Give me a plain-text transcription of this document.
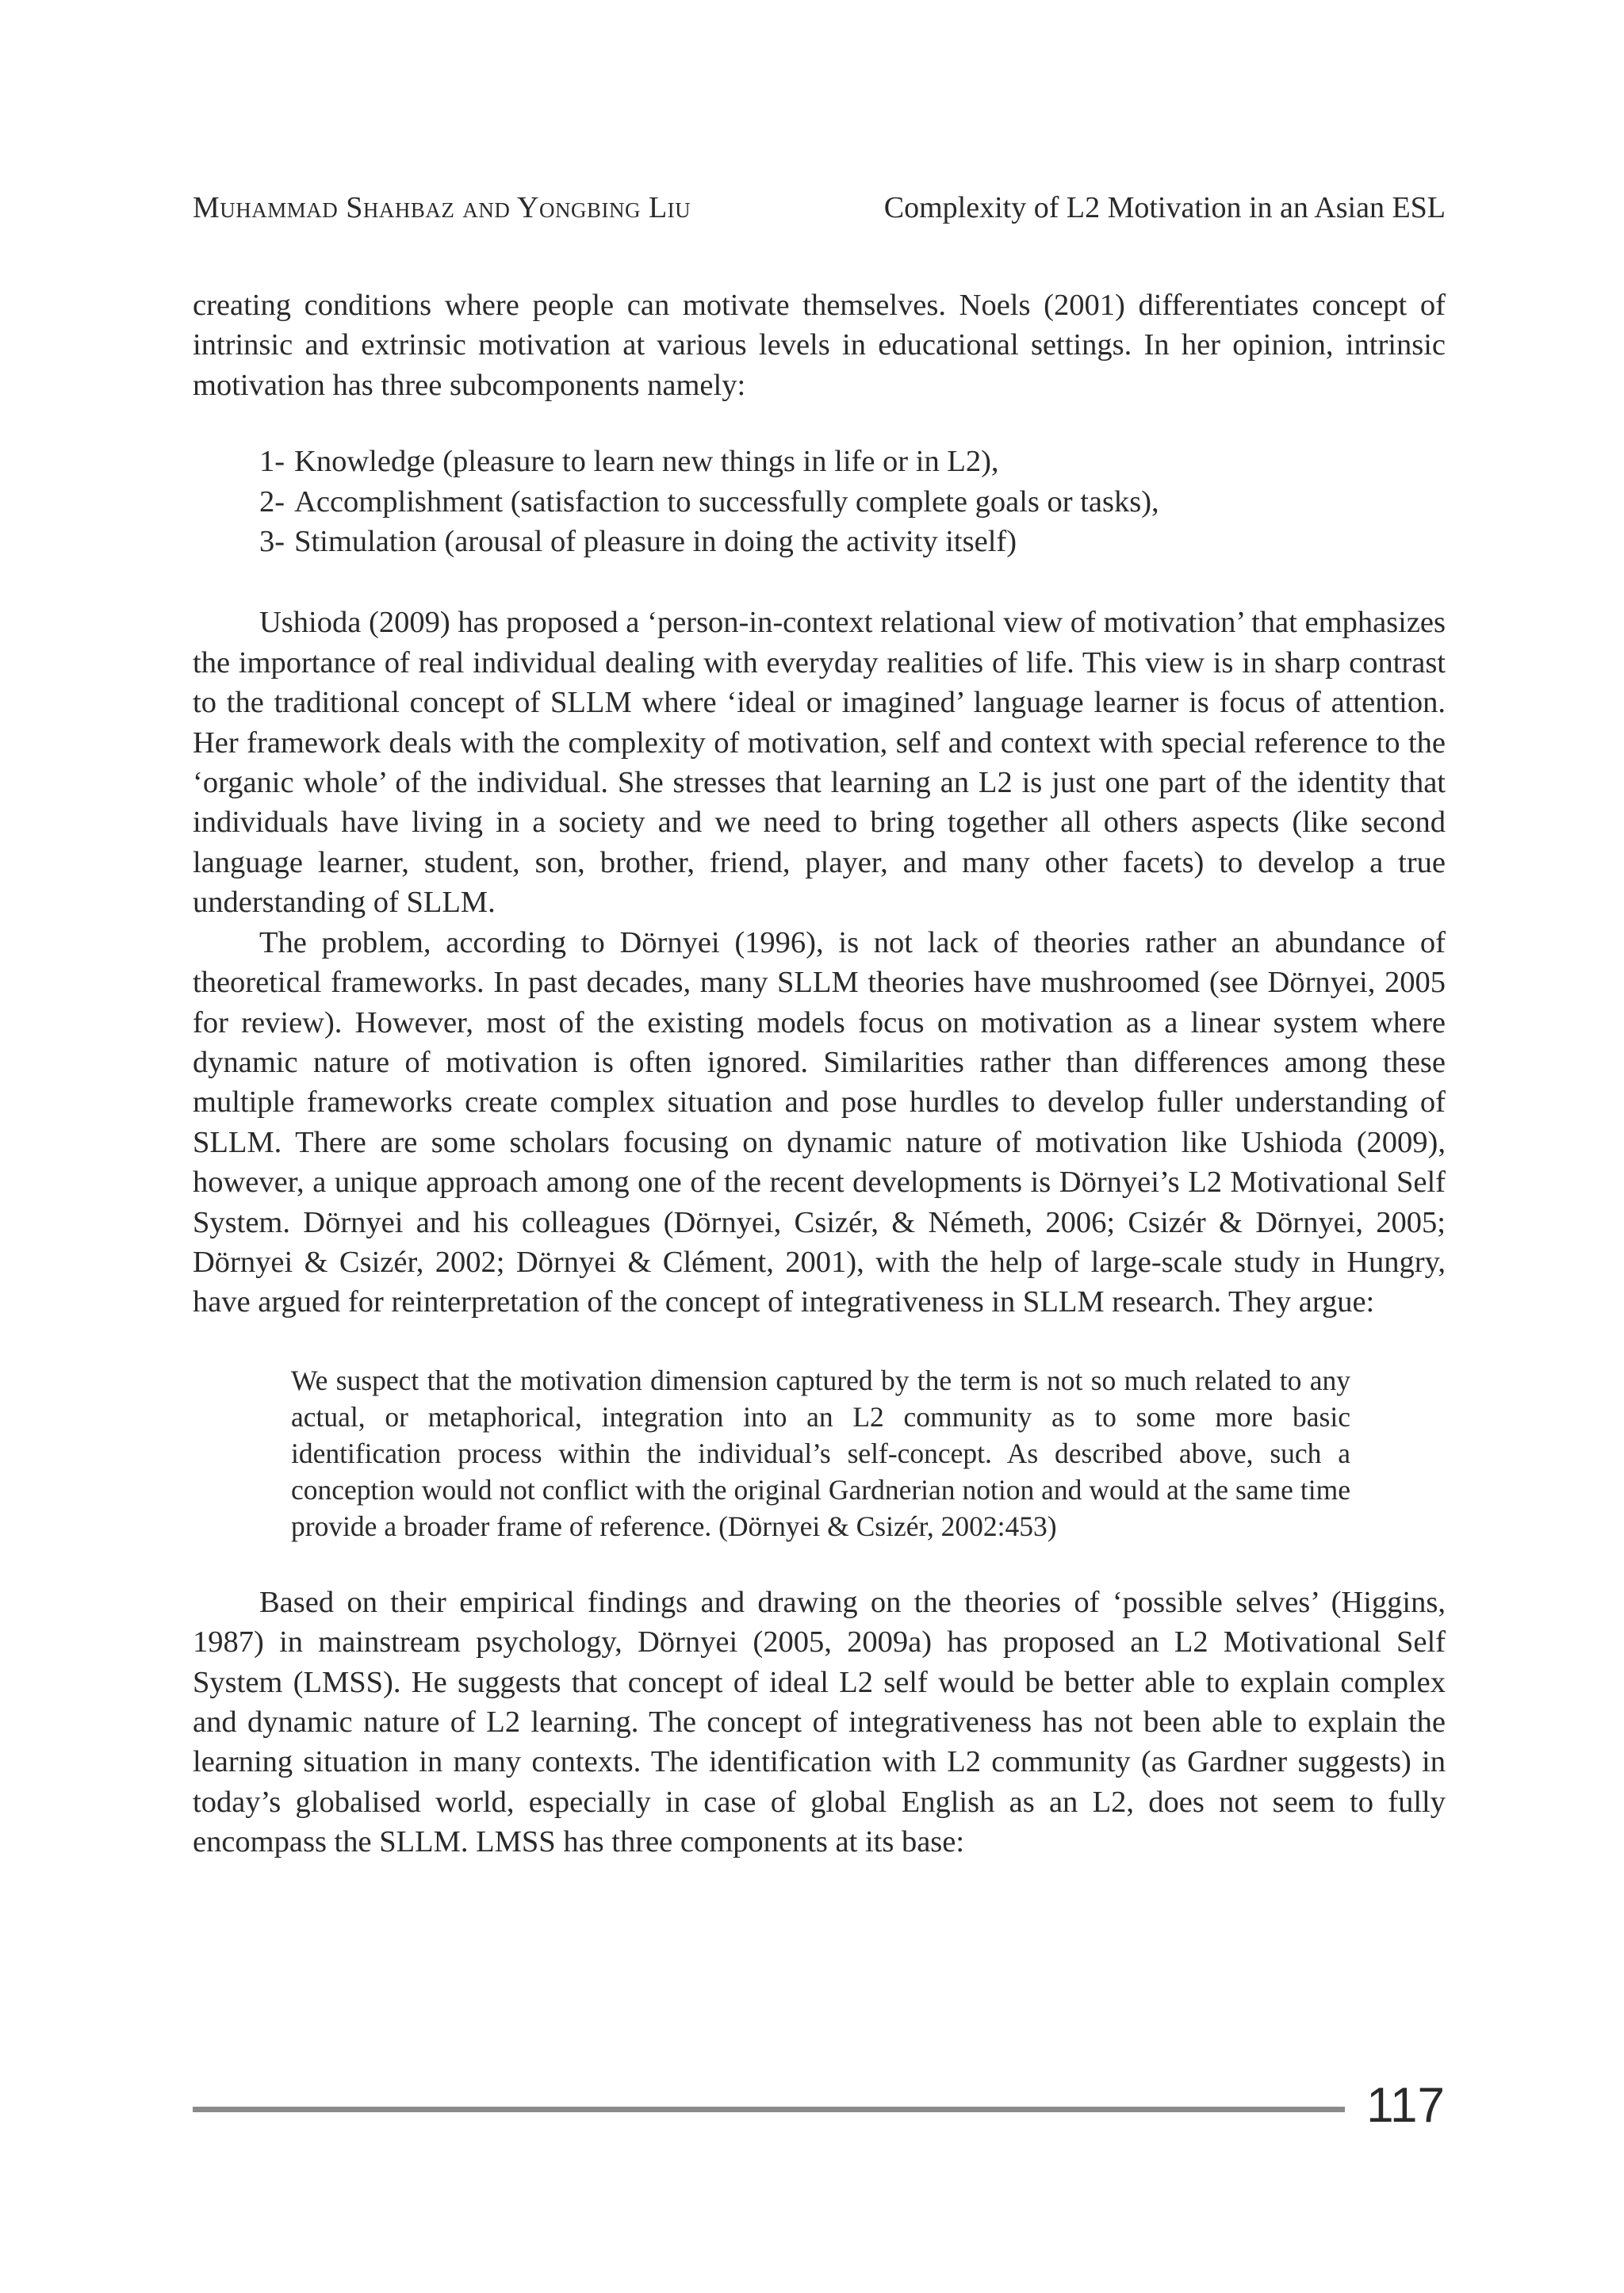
Muhammad Shahbaz and Yongbing Liu	Complexity of L2 Motivation in an Asian ESL

creating conditions where people can motivate themselves. Noels (2001) differentiates concept of intrinsic and extrinsic motivation at various levels in educational settings. In her opinion, intrinsic motivation has three subcomponents namely:

1- Knowledge (pleasure to learn new things in life or in L2),
2- Accomplishment (satisfaction to successfully complete goals or tasks),
3- Stimulation (arousal of pleasure in doing the activity itself)

Ushioda (2009) has proposed a ‘person-in-context relational view of motivation’ that emphasizes the importance of real individual dealing with everyday realities of life. This view is in sharp contrast to the traditional concept of SLLM where ‘ideal or imagined’ language learner is focus of attention. Her framework deals with the complexity of motivation, self and context with special reference to the ‘organic whole’ of the individual. She stresses that learning an L2 is just one part of the identity that individuals have living in a society and we need to bring together all others aspects (like second language learner, student, son, brother, friend, player, and many other facets) to develop a true understanding of SLLM.

The problem, according to Dörnyei (1996), is not lack of theories rather an abundance of theoretical frameworks. In past decades, many SLLM theories have mushroomed (see Dörnyei, 2005 for review). However, most of the existing models focus on motivation as a linear system where dynamic nature of motivation is often ignored. Similarities rather than differences among these multiple frameworks create complex situation and pose hurdles to develop fuller understanding of SLLM. There are some scholars focusing on dynamic nature of motivation like Ushioda (2009), however, a unique approach among one of the recent developments is Dörnyei’s L2 Motivational Self System. Dörnyei and his colleagues (Dörnyei, Csizér, & Németh, 2006; Csizér & Dörnyei, 2005; Dörnyei & Csizér, 2002; Dörnyei & Clément, 2001), with the help of large-scale study in Hungry, have argued for reinterpretation of the concept of integrativeness in SLLM research. They argue:

We suspect that the motivation dimension captured by the term is not so much related to any actual, or metaphorical, integration into an L2 community as to some more basic identification process within the individual’s self-concept. As described above, such a conception would not conflict with the original Gardnerian notion and would at the same time provide a broader frame of reference. (Dörnyei & Csizér, 2002:453)

Based on their empirical findings and drawing on the theories of ‘possible selves’ (Higgins, 1987) in mainstream psychology, Dörnyei (2005, 2009a) has proposed an L2 Motivational Self System (LMSS). He suggests that concept of ideal L2 self would be better able to explain complex and dynamic nature of L2 learning. The concept of integrativeness has not been able to explain the learning situation in many contexts. The identification with L2 community (as Gardner suggests) in today’s globalised world, especially in case of global English as an L2, does not seem to fully encompass the SLLM. LMSS has three components at its base:

117
